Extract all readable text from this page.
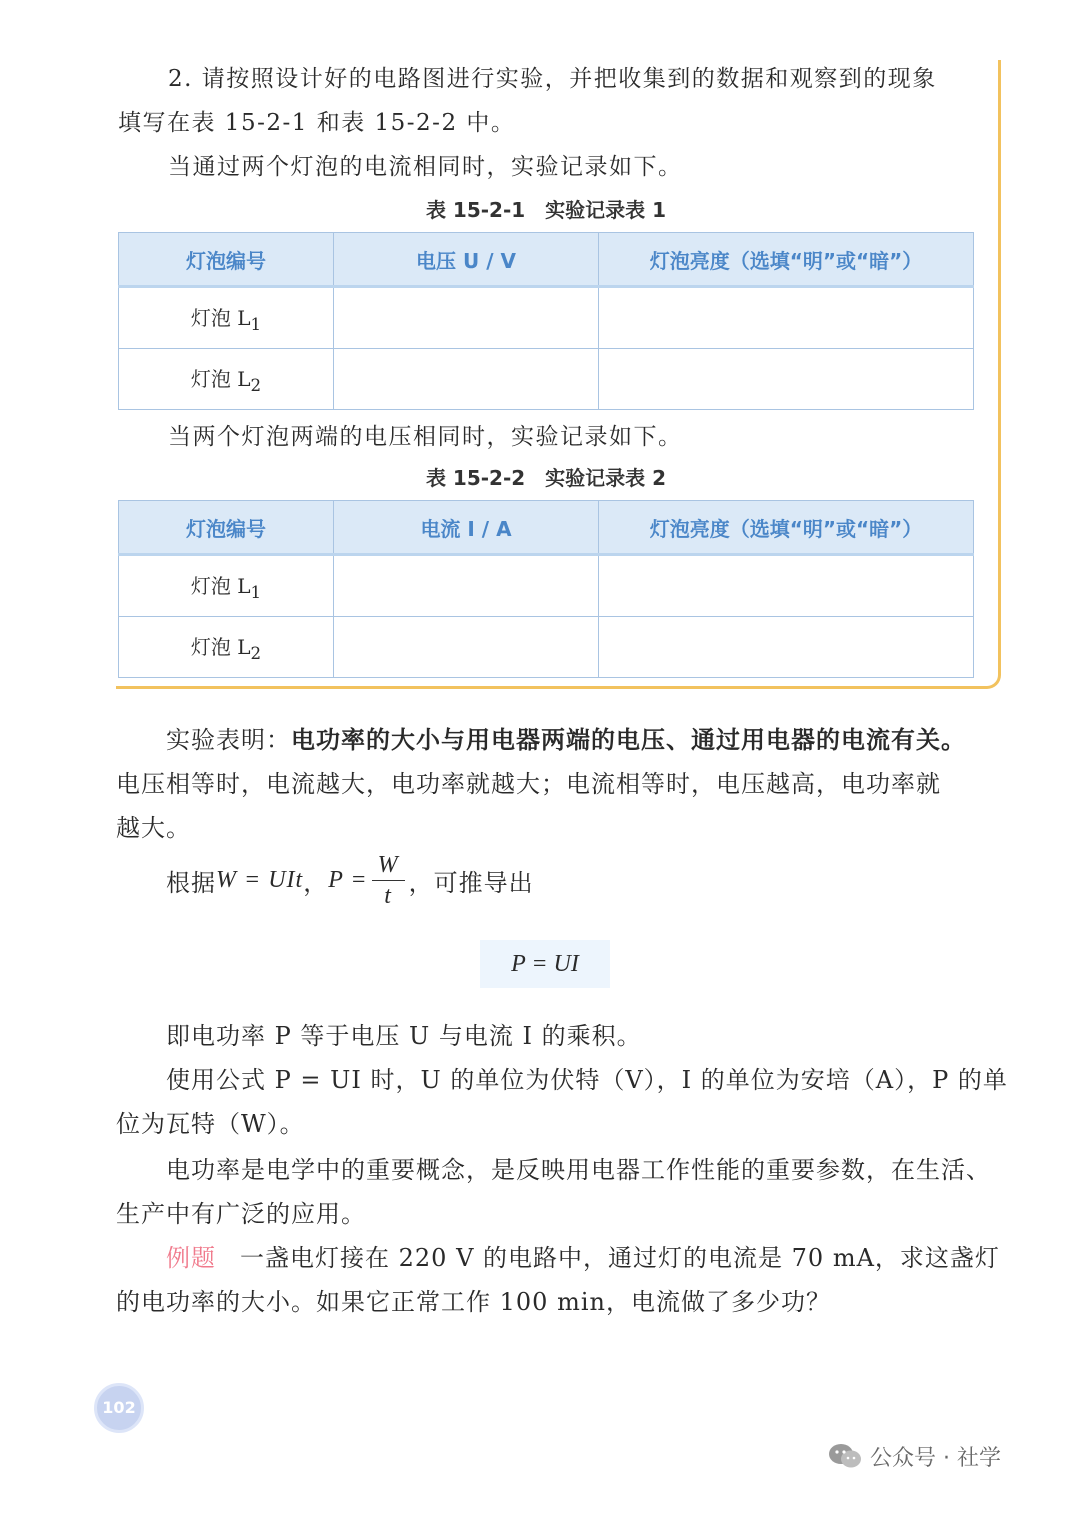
2. 请按照设计好的电路图进行实验，并把收集到的数据和观察到的现象
填写在表 15-2-1 和表 15-2-2 中。
当通过两个灯泡的电流相同时，实验记录如下。
表 15-2-1　实验记录表 1
灯泡编号	电压 U / V	灯泡亮度（选填“明”或“暗”）
灯泡 $L_1$		
灯泡 $L_2$		
当两个灯泡两端的电压相同时，实验记录如下。
表 15-2-2　实验记录表 2
灯泡编号	电流 I / A	灯泡亮度（选填“明”或“暗”）
灯泡 $L_1$		
灯泡 $L_2$		
实验表明：电功率的大小与用电器两端的电压、通过用电器的电流有关。
电压相等时，电流越大，电功率就越大；电流相等时，电压越高，电功率就
越大。
根据 W = UIt ， $P = \frac{W}{t}$ ，可推导出
P = UI
即电功率 P 等于电压 U 与电流 I 的乘积。
使用公式 P = UI 时，U 的单位为伏特（V），I 的单位为安培（A），P 的单
位为瓦特（W）。
电功率是电学中的重要概念，是反映用电器工作性能的重要参数，在生活、
生产中有广泛的应用。
例题 一盏电灯接在 220 V 的电路中，通过灯的电流是 70 mA，求这盏灯
的电功率的大小。如果它正常工作 100 min，电流做了多少功？
102
公众号 · 社学
